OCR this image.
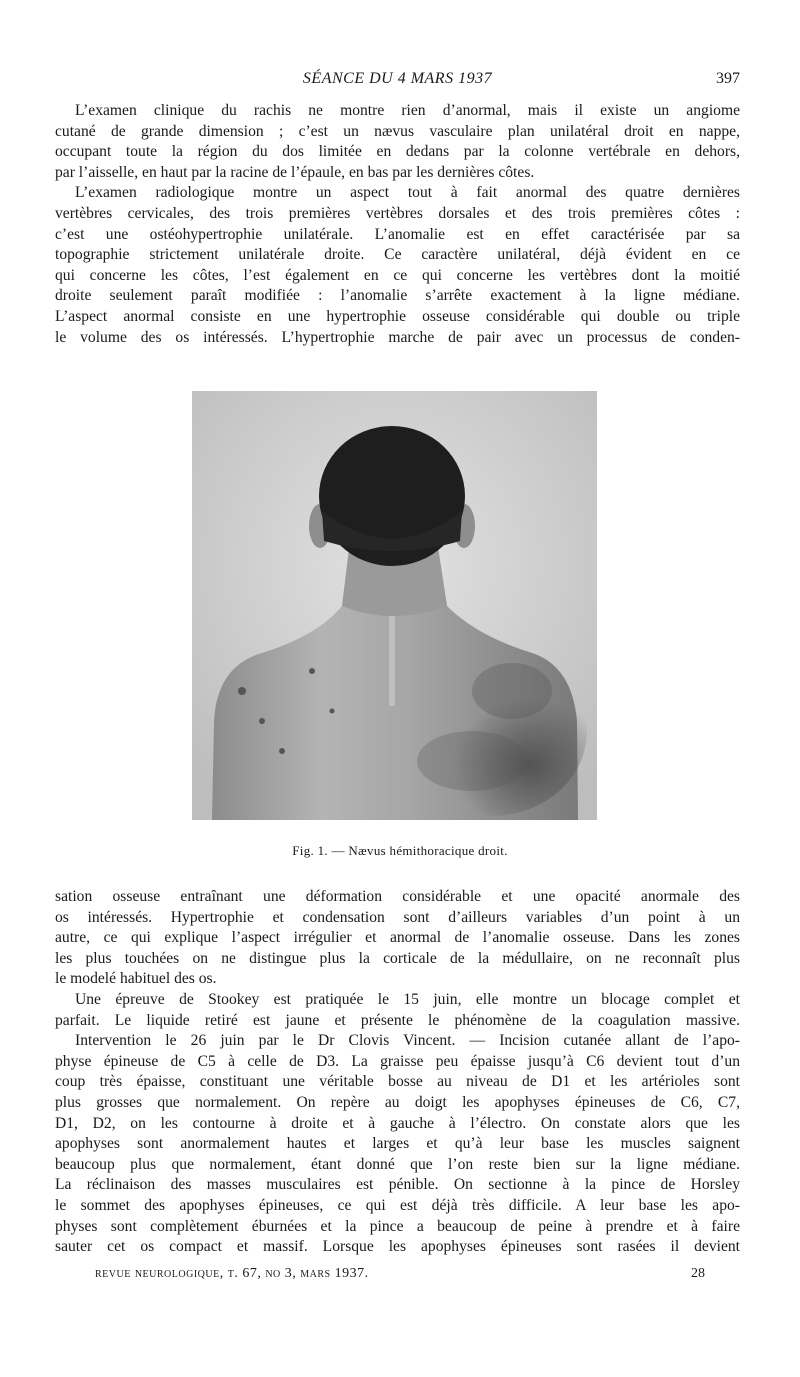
SÉANCE DU 4 MARS 1937	397
L’examen clinique du rachis ne montre rien d’anormal, mais il existe un angiome
cutané de grande dimension ; c’est un nævus vasculaire plan unilatéral droit en nappe,
occupant toute la région du dos limitée en dedans par la colonne vertébrale en dehors,
par l’aisselle, en haut par la racine de l’épaule, en bas par les dernières côtes.
L’examen radiologique montre un aspect tout à fait anormal des quatre dernières
vertèbres cervicales, des trois premières vertèbres dorsales et des trois premières côtes :
c’est une ostéohypertrophie unilatérale. L’anomalie est en effet caractérisée par sa
topographie strictement unilatérale droite. Ce caractère unilatéral, déjà évident en ce
qui concerne les côtes, l’est également en ce qui concerne les vertèbres dont la moitié
droite seulement paraît modifiée : l’anomalie s’arrête exactement à la ligne médiane.
L’aspect anormal consiste en une hypertrophie osseuse considérable qui double ou triple
le volume des os intéressés. L’hypertrophie marche de pair avec un processus de conden-
Fig. 1. — Nævus hémithoracique droit.
sation osseuse entraînant une déformation considérable et une opacité anormale des
os intéressés. Hypertrophie et condensation sont d’ailleurs variables d’un point à un
autre, ce qui explique l’aspect irrégulier et anormal de l’anomalie osseuse. Dans les zones
les plus touchées on ne distingue plus la corticale de la médullaire, on ne reconnaît plus
le modelé habituel des os.
Une épreuve de Stookey est pratiquée le 15 juin, elle montre un blocage complet et
parfait. Le liquide retiré est jaune et présente le phénomène de la coagulation massive.
Intervention le 26 juin par le Dr Clovis Vincent. — Incision cutanée allant de l’apo-
physe épineuse de C5 à celle de D3. La graisse peu épaisse jusqu’à C6 devient tout d’un
coup très épaisse, constituant une véritable bosse au niveau de D1 et les artérioles sont
plus grosses que normalement. On repère au doigt les apophyses épineuses de C6, C7,
D1, D2, on les contourne à droite et à gauche à l’électro. On constate alors que les
apophyses sont anormalement hautes et larges et qu’à leur base les muscles saignent
beaucoup plus que normalement, étant donné que l’on reste bien sur la ligne médiane.
La réclinaison des masses musculaires est pénible. On sectionne à la pince de Horsley
le sommet des apophyses épineuses, ce qui est déjà très difficile. A leur base les apo-
physes sont complètement éburnées et la pince a beaucoup de peine à prendre et à faire
sauter cet os compact et massif. Lorsque les apophyses épineuses sont rasées il devient
revue neurologique, t. 67, no 3, mars 1937.	28
